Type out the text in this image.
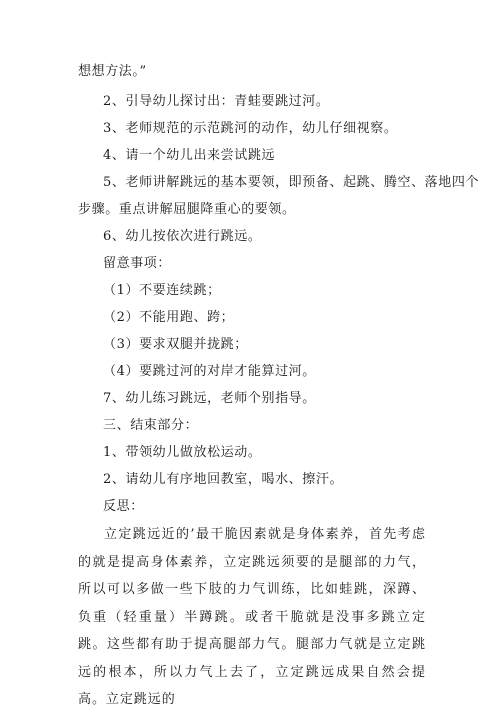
想想方法。”
2、引导幼儿探讨出：青蛙要跳过河。
3、老师规范的示范跳河的动作，幼儿仔细视察。
4、请一个幼儿出来尝试跳远
5、老师讲解跳远的基本要领，即预备、起跳、腾空、落地四个
步骤。重点讲解屈腿降重心的要领。
6、幼儿按依次进行跳远。
留意事项：
（1）不要连续跳；
（2）不能用跑、跨；
（3）要求双腿并拢跳；
（4）要跳过河的对岸才能算过河。
7、幼儿练习跳远，老师个别指导。
三、结束部分：
1、带领幼儿做放松运动。
2、请幼儿有序地回教室，喝水、擦汗。
反思：

立定跳远近的’最干脆因素就是身体素养，首先考虑的就是提高身体素养，立定跳远须要的是腿部的力气，所以可以多做一些下肢的力气训练，比如蛙跳，深蹲、负重（轻重量）半蹲跳。或者干脆就是没事多跳立定跳。这些都有助于提高腿部力气。腿部力气就是立定跳远的根本，所以力气上去了，立定跳远成果自然会提高。立定跳远的
